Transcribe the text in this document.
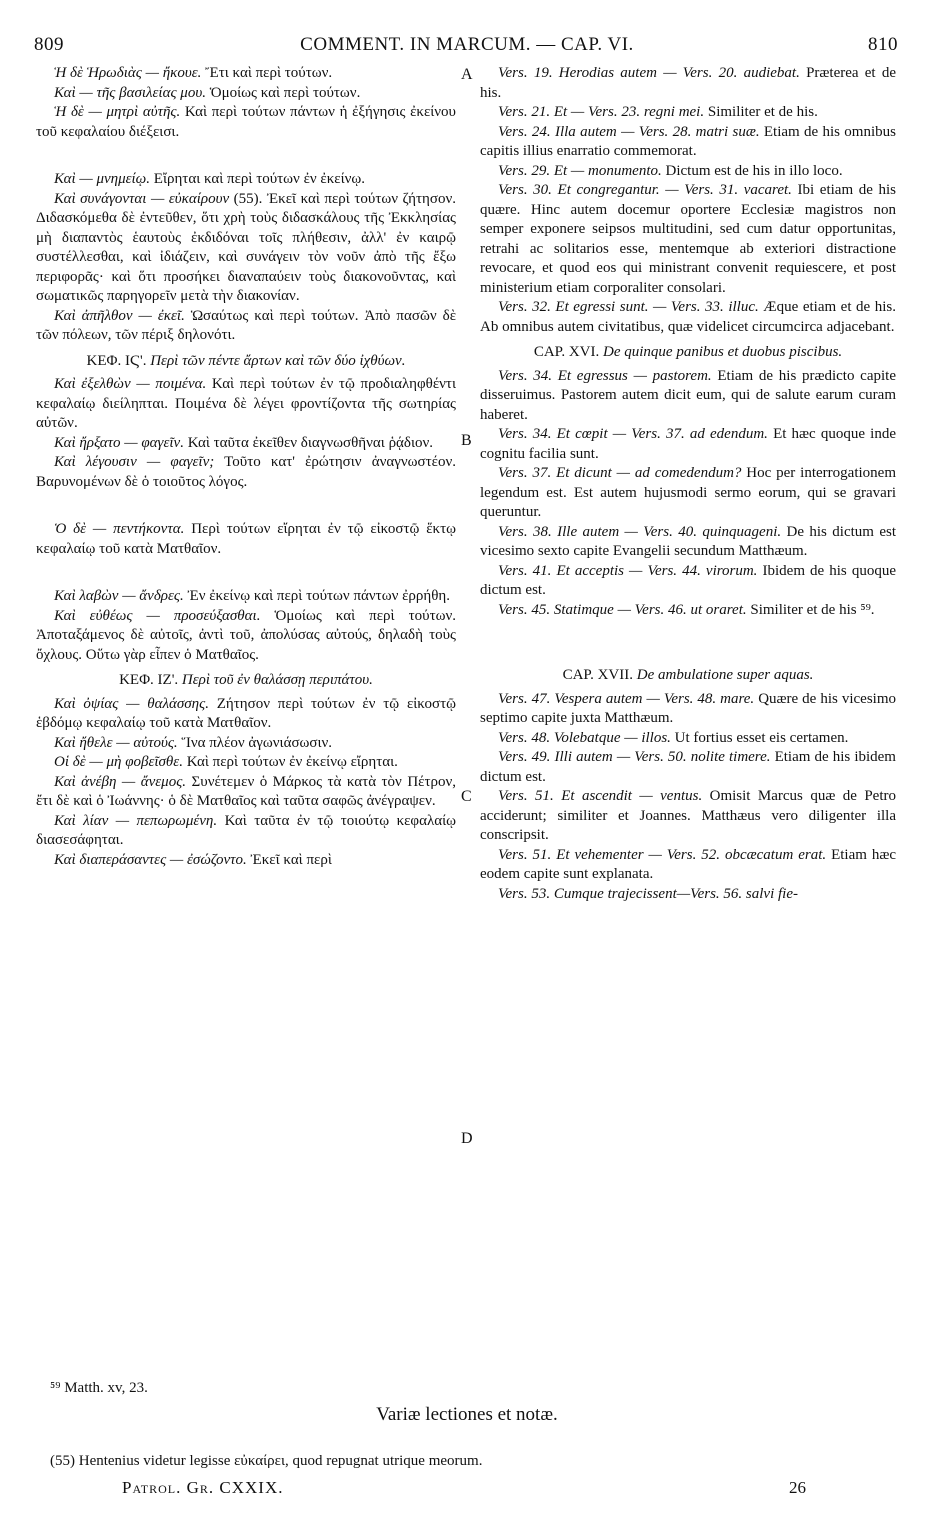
809	COMMENT. IN MARCUM. — CAP. VI.	810
A
B
C
D

Ἡ δὲ Ἡρωδιὰς — ἤκουε. Ἔτι καὶ περὶ τούτων.

Καὶ — τῆς βασιλείας μου. Ὁμοίως καὶ περὶ τούτων.

Ἡ δὲ — μητρὶ αὐτῆς. Καὶ περὶ τούτων πάντων ἡ ἐξήγησις ἐκείνου τοῦ κεφαλαίου διέξεισι.

Καὶ — μνημείῳ. Εἴρηται καὶ περὶ τούτων ἐν ἐκείνῳ.

Καὶ συνάγονται — εὐκαίρουν (55). Ἐκεῖ καὶ περὶ τούτων ζήτησον. Διδασκόμεθα δὲ ἐντεῦθεν, ὅτι χρὴ τοὺς διδασκάλους τῆς Ἐκκλησίας μὴ διαπαντὸς ἑαυτοὺς ἐκδιδόναι τοῖς πλήθεσιν, ἀλλ' ἐν καιρῷ συστέλλεσθαι, καὶ ἰδιάζειν, καὶ συνάγειν τὸν νοῦν ἀπὸ τῆς ἔξω περιφορᾶς· καὶ ὅτι προσήκει διαναπαύειν τοὺς διακονοῦντας, καὶ σωματικῶς παρηγορεῖν μετὰ τὴν διακονίαν.

Καὶ ἀπῆλθον — ἐκεῖ. Ὡσαύτως καὶ περὶ τούτων. Ἀπὸ πασῶν δὲ τῶν πόλεων, τῶν πέριξ δηλονότι.

ΚΕΦ. ΙϚ'. Περὶ τῶν πέντε ἄρτων καὶ τῶν δύο ἰχθύων.

Καὶ ἐξελθὼν — ποιμένα. Καὶ περὶ τούτων ἐν τῷ προδιαληφθέντι κεφαλαίῳ διείληπται. Ποιμένα δὲ λέγει φροντίζοντα τῆς σωτηρίας αὐτῶν.

Καὶ ἤρξατο — φαγεῖν. Καὶ ταῦτα ἐκεῖθεν διαγνωσθῆναι ῥᾴδιον.

Καὶ λέγουσιν — φαγεῖν; Τοῦτο κατ' ἐρώτησιν ἀναγνωστέον. Βαρυνομένων δὲ ὁ τοιοῦτος λόγος.

Ὁ δὲ — πεντήκοντα. Περὶ τούτων εἴρηται ἐν τῷ εἰκοστῷ ἕκτῳ κεφαλαίῳ τοῦ κατὰ Ματθαῖον.

Καὶ λαβὼν — ἄνδρες. Ἐν ἐκείνῳ καὶ περὶ τούτων πάντων ἐρρήθη.

Καὶ εὐθέως — προσεύξασθαι. Ὁμοίως καὶ περὶ τούτων. Ἀποταξάμενος δὲ αὐτοῖς, ἀντὶ τοῦ, ἀπολύσας αὐτούς, δηλαδὴ τοὺς ὄχλους. Οὕτω γὰρ εἶπεν ὁ Ματθαῖος.

ΚΕΦ. ΙΖ'. Περὶ τοῦ ἐν θαλάσσῃ περιπάτου.

Καὶ ὀψίας — θαλάσσης. Ζήτησον περὶ τούτων ἐν τῷ εἰκοστῷ ἑβδόμῳ κεφαλαίῳ τοῦ κατὰ Ματθαῖον.

Καὶ ἤθελε — αὐτούς. Ἵνα πλέον ἀγωνιάσωσιν.

Οἱ δὲ — μὴ φοβεῖσθε. Καὶ περὶ τούτων ἐν ἐκείνῳ εἴρηται.

Καὶ ἀνέβη — ἄνεμος. Συνέτεμεν ὁ Μάρκος τὰ κατὰ τὸν Πέτρον, ἔτι δὲ καὶ ὁ Ἰωάννης· ὁ δὲ Ματθαῖος καὶ ταῦτα σαφῶς ἀνέγραψεν.

Καὶ λίαν — πεπωρωμένη. Καὶ ταῦτα ἐν τῷ τοιούτῳ κεφαλαίῳ διασεσάφηται.

Καὶ διαπεράσαντες — ἐσώζοντο. Ἐκεῖ καὶ περὶ

Vers. 19. Herodias autem — Vers. 20. audiebat. Præterea et de his.

Vers. 21. Et — Vers. 23. regni mei. Similiter et de his.

Vers. 24. Illa autem — Vers. 28. matri suæ. Etiam de his omnibus capitis illius enarratio commemorat.

Vers. 29. Et — monumento. Dictum est de his in illo loco.

Vers. 30. Et congregantur. — Vers. 31. vacaret. Ibi etiam de his quære. Hinc autem docemur oportere Ecclesiæ magistros non semper exponere seipsos multitudini, sed cum datur opportunitas, retrahi ac solitarios esse, mentemque ab exteriori distractione revocare, et quod eos qui ministrant convenit requiescere, et post ministerium etiam corporaliter consolari.

Vers. 32. Et egressi sunt. — Vers. 33. illuc. Æque etiam et de his. Ab omnibus autem civitatibus, quæ videlicet circumcirca adjacebant.

CAP. XVI. De quinque panibus et duobus piscibus.

Vers. 34. Et egressus — pastorem. Etiam de his prædicto capite disseruimus. Pastorem autem dicit eum, qui de salute earum curam haberet.

Vers. 34. Et cœpit — Vers. 37. ad edendum. Et hæc quoque inde cognitu facilia sunt.

Vers. 37. Et dicunt — ad comedendum? Hoc per interrogationem legendum est. Est autem hujusmodi sermo eorum, qui se gravari queruntur.

Vers. 38. Ille autem — Vers. 40. quinquageni. De his dictum est vicesimo sexto capite Evangelii secundum Matthæum.

Vers. 41. Et acceptis — Vers. 44. virorum. Ibidem de his quoque dictum est.

Vers. 45. Statimque — Vers. 46. ut oraret. Similiter et de his ⁵⁹.

CAP. XVII. De ambulatione super aquas.

Vers. 47. Vespera autem — Vers. 48. mare. Quære de his vicesimo septimo capite juxta Matthæum.

Vers. 48. Volebatque — illos. Ut fortius esset eis certamen.

Vers. 49. Illi autem — Vers. 50. nolite timere. Etiam de his ibidem dictum est.

Vers. 51. Et ascendit — ventus. Omisit Marcus quæ de Petro acciderunt; similiter et Joannes. Matthæus vero diligenter illa conscripsit.

Vers. 51. Et vehementer — Vers. 52. obcæcatum erat. Etiam hæc eodem capite sunt explanata.

Vers. 53. Cumque trajecissent—Vers. 56. salvi fie-

⁵⁹ Matth. xv, 23.
Variæ lectiones et notæ.
(55) Hentenius videtur legisse εὐκαίρει, quod repugnat utrique meorum.
Patrol. Gr. CXXIX.	26
